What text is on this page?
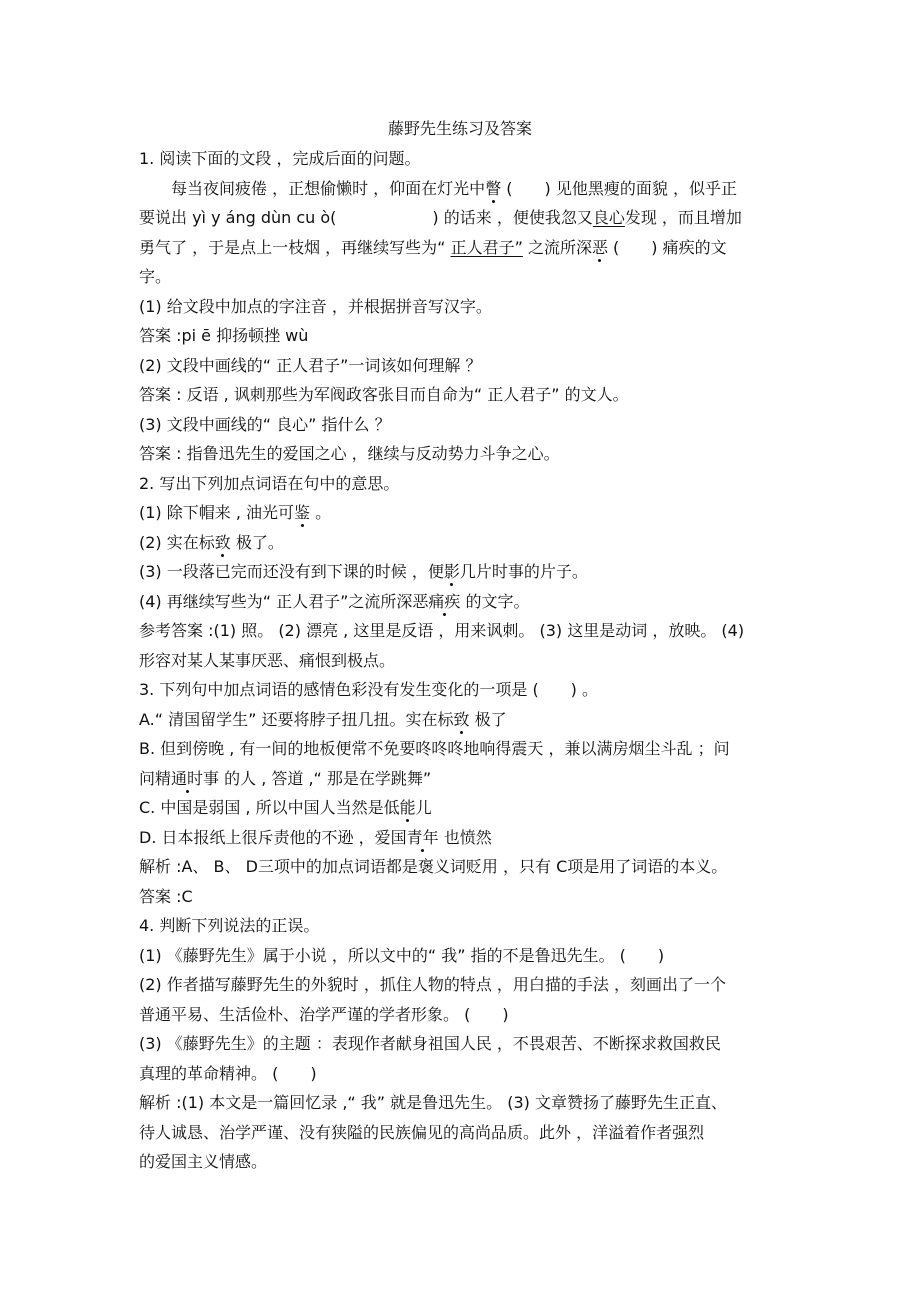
藤野先生练习及答案
1. 阅读下面的文段 ，完成后面的问题。
　　每当夜间疲倦 ，正想偷懒时 ，仰面在灯光中瞥 (　　) 见他黑瘦的面貌 ，似乎正
要说出 yì y áng dùn cu ò(　　　　　　) 的话来 ，便使我忽又良心发现 ，而且增加
勇气了 ，于是点上一枝烟 ，再继续写些为“ 正人君子” 之流所深恶 (　　) 痛疾的文
字。
(1) 给文段中加点的字注音 ，并根据拼音写汉字。
答案 :pi ē 抑扬顿挫 wù
(2) 文段中画线的“ 正人君子”一词该如何理解 ？
答案 : 反语 , 讽刺那些为军阀政客张目而自命为“ 正人君子” 的文人。
(3) 文段中画线的“ 良心” 指什么 ？
答案 : 指鲁迅先生的爱国之心 ，继续与反动势力斗争之心。
2. 写出下列加点词语在句中的意思。
(1) 除下帽来 , 油光可鉴 。
(2) 实在标致 极了。
(3) 一段落已完而还没有到下课的时候 ，便影几片时事的片子。
(4) 再继续写些为“ 正人君子”之流所深恶痛疾 的文字。
参考答案 :(1) 照。 (2) 漂亮 , 这里是反语 ，用来讽刺。 (3) 这里是动词 ，放映。 (4)
形容对某人某事厌恶、痛恨到极点。
3. 下列句中加点词语的感情色彩没有发生变化的一项是 (　　) 。
A.“ 清国留学生” 还要将脖子扭几扭。实在标致 极了
B. 但到傍晚 , 有一间的地板便常不免要咚咚咚地响得震天 ，兼以满房烟尘斗乱 ；问
问精通时事 的人 , 答道 ,“ 那是在学跳舞”
C. 中国是弱国 , 所以中国人当然是低能儿
D. 日本报纸上很斥责他的不逊 ，爱国青年 也愤然
解析 :A、 B、 D三项中的加点词语都是褒义词贬用 ，只有 C项是用了词语的本义。
答案 :C
4. 判断下列说法的正误。
(1) 《藤野先生》属于小说 ，所以文中的“ 我” 指的不是鲁迅先生。 (　　)
(2) 作者描写藤野先生的外貌时 ，抓住人物的特点 ，用白描的手法 ，刻画出了一个
普通平易、生活俭朴、治学严谨的学者形象。 (　　)
(3) 《藤野先生》的主题 ：表现作者献身祖国人民 ，不畏艰苦、不断探求救国救民
真理的革命精神。 (　　)
解析 :(1) 本文是一篇回忆录 ,“ 我” 就是鲁迅先生。 (3) 文章赞扬了藤野先生正直、
待人诚恳、治学严谨、没有狭隘的民族偏见的高尚品质。此外 ，洋溢着作者强烈
的爱国主义情感。
